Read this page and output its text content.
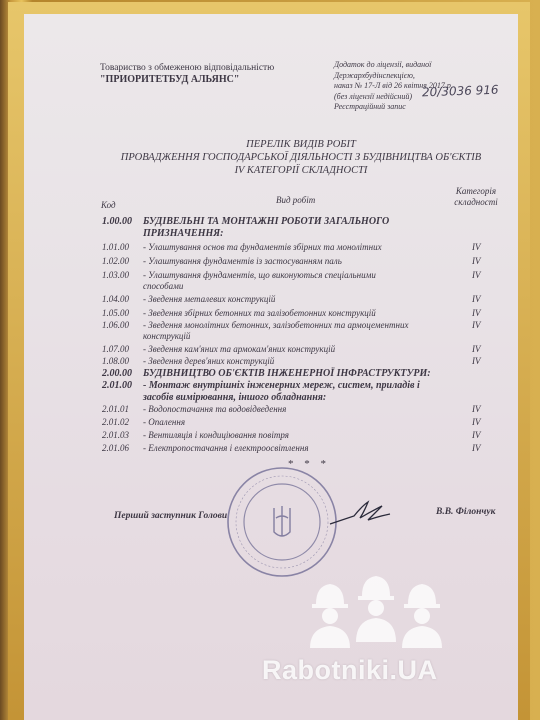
Товариство з обмеженою відповідальністю
"ПРИОРИТЕТБУД АЛЬЯНС"
Додаток до ліцензії, виданої
Держархбудінспекцією,
наказ № 17-Л від 26 квітня 2017 р.
(без ліцензії недійсний)
Реєстраційний запис
20/3036 916
ПЕРЕЛІК ВИДІВ РОБІТ
ПРОВАДЖЕННЯ ГОСПОДАРСЬКОЇ ДІЯЛЬНОСТІ З БУДІВНИЦТВА ОБ'ЄКТІВ
IV КАТЕГОРІЇ СКЛАДНОСТІ
Код	Вид робіт
Категорія
складності
1.00.00	БУДІВЕЛЬНІ ТА МОНТАЖНІ РОБОТИ ЗАГАЛЬНОГО
ПРИЗНАЧЕННЯ:
1.01.00	- Улаштування основ та фундаментів збірних та монолітних	IV
1.02.00	- Улаштування фундаментів із застосуванням паль	IV
1.03.00	- Улаштування фундаментів, що виконуються спеціальними
способами
IV
1.04.00	- Зведення металевих конструкцій	IV
1.05.00	- Зведення збірних бетонних та залізобетонних конструкцій	IV
1.06.00	- Зведення монолітних бетонних, залізобетонних та армоцементних
конструкцій
IV
1.07.00	- Зведення кам'яних та армокам'яних конструкцій	IV
1.08.00	- Зведення дерев'яних конструкцій	IV
2.00.00	БУДІВНИЦТВО ОБ'ЄКТІВ ІНЖЕНЕРНОЇ ІНФРАСТРУКТУРИ:
2.01.00	- Монтаж внутрішніх інженерних мереж, систем, приладів і
засобів вимірювання, іншого обладнання:
2.01.01	- Водопостачання та водовідведення	IV
2.01.02	- Опалення	IV
2.01.03	- Вентиляція і кондиціювання повітря	IV
2.01.06	- Електропостачання і електроосвітлення	IV
* * *
Перший заступник Голови	В.В. Філончук
Rabotniki.UA
